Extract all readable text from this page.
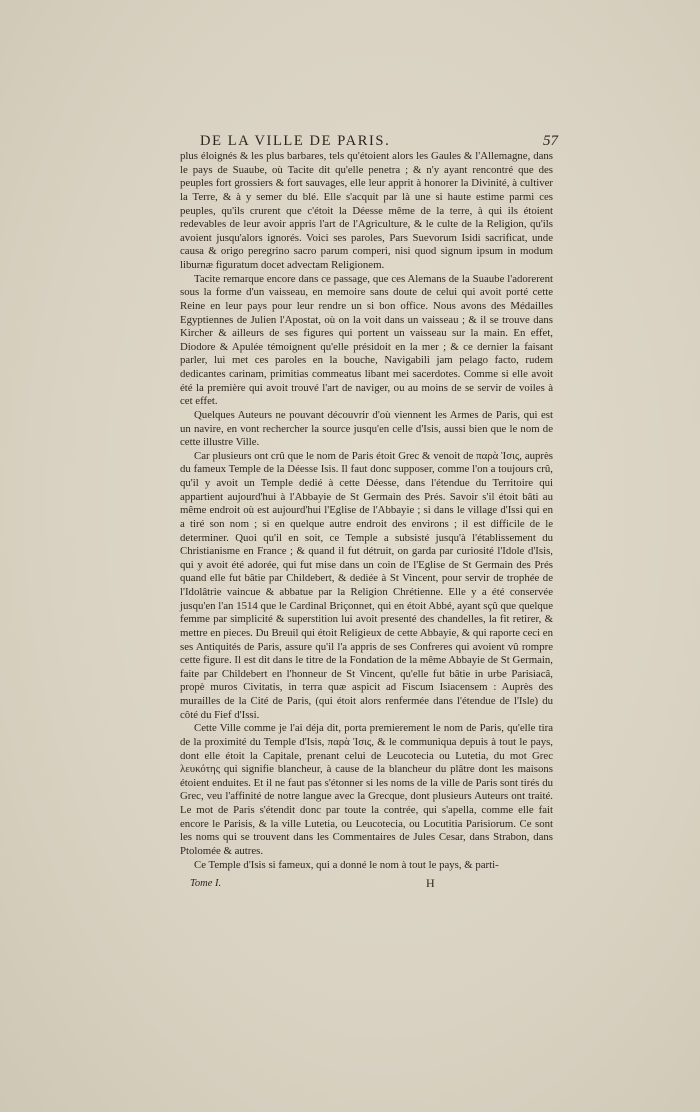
DE LA VILLE DE PARIS.	57

plus éloignés & les plus barbares, tels qu'étoient alors les Gaules & l'Allemagne, dans le pays de Suaube, où Tacite dit qu'elle penetra ; & n'y ayant rencontré que des peuples fort grossiers & fort sauvages, elle leur apprit à honorer la Divinité, à cultiver la Terre, & à y semer du blé. Elle s'acquit par là une si haute estime parmi ces peuples, qu'ils crurent que c'étoit la Déesse même de la terre, à qui ils étoient redevables de leur avoir appris l'art de l'Agriculture, & le culte de la Religion, qu'ils avoient jusqu'alors ignorés. Voici ses paroles, Pars Suevorum Isidi sacrificat, unde causa & origo peregrino sacro parum comperi, nisi quod signum ipsum in modum liburnæ figuratum docet advectam Religionem.

Tacite remarque encore dans ce passage, que ces Alemans de la Suaube l'adorerent sous la forme d'un vaisseau, en memoire sans doute de celui qui avoit porté cette Reine en leur pays pour leur rendre un si bon office. Nous avons des Médailles Egyptiennes de Julien l'Apostat, où on la voit dans un vaisseau ; & il se trouve dans Kircher & ailleurs de ses figures qui portent un vaisseau sur la main. En effet, Diodore & Apulée témoignent qu'elle présidoit en la mer ; & ce dernier la faisant parler, lui met ces paroles en la bouche, Navigabili jam pelago facto, rudem dedicantes carinam, primitias commeatus libant mei sacerdotes. Comme si elle avoit été la première qui avoit trouvé l'art de naviger, ou au moins de se servir de voiles à cet effet.

Quelques Auteurs ne pouvant découvrir d'où viennent les Armes de Paris, qui est un navire, en vont rechercher la source jusqu'en celle d'Isis, aussi bien que le nom de cette illustre Ville.

Car plusieurs ont crû que le nom de Paris étoit Grec & venoit de παρὰ Ἰσις, auprès du fameux Temple de la Déesse Isis. Il faut donc supposer, comme l'on a toujours crû, qu'il y avoit un Temple dedié à cette Déesse, dans l'étendue du Territoire qui appartient aujourd'hui à l'Abbayie de St Germain des Prés. Savoir s'il étoit bâti au même endroit où est aujourd'hui l'Eglise de l'Abbayie ; si dans le village d'Issi qui en a tiré son nom ; si en quelque autre endroit des environs ; il est difficile de le determiner. Quoi qu'il en soit, ce Temple a subsisté jusqu'à l'établissement du Christianisme en France ; & quand il fut détruit, on garda par curiosité l'Idole d'Isis, qui y avoit été adorée, qui fut mise dans un coin de l'Eglise de St Germain des Prés quand elle fut bâtie par Childebert, & dediée à St Vincent, pour servir de trophée de l'Idolâtrie vaincue & abbatue par la Religion Chrétienne. Elle y a été conservée jusqu'en l'an 1514 que le Cardinal Briçonnet, qui en étoit Abbé, ayant sçû que quelque femme par simplicité & superstition lui avoit presenté des chandelles, la fit retirer, & mettre en pieces. Du Breuil qui étoit Religieux de cette Abbayie, & qui raporte ceci en ses Antiquités de Paris, assure qu'il l'a appris de ses Confreres qui avoient vû rompre cette figure. Il est dit dans le titre de la Fondation de la même Abbayie de St Germain, faite par Childebert en l'honneur de St Vincent, qu'elle fut bâtie in urbe Parisiacâ, propè muros Civitatis, in terra quæ aspicit ad Fiscum Isiacensem : Auprès des murailles de la Cité de Paris, (qui étoit alors renfermée dans l'étendue de l'Isle) du côté du Fief d'Issi.

Cette Ville comme je l'ai déja dit, porta premierement le nom de Paris, qu'elle tira de la proximité du Temple d'Isis, παρὰ Ἰσις, & le communiqua depuis à tout le pays, dont elle étoit la Capitale, prenant celui de Leucotecia ou Lutetia, du mot Grec λευκότης qui signifie blancheur, à cause de la blancheur du plâtre dont les maisons étoient enduites. Et il ne faut pas s'étonner si les noms de la ville de Paris sont tirés du Grec, veu l'affinité de notre langue avec la Grecque, dont plusieurs Auteurs ont traité. Le mot de Paris s'étendit donc par toute la contrée, qui s'apella, comme elle fait encore le Parisis, & la ville Lutetia, ou Leucotecia, ou Locutitia Parisiorum. Ce sont les noms qui se trouvent dans les Commentaires de Jules Cesar, dans Strabon, dans Ptolomée & autres.

Ce Temple d'Isis si fameux, qui a donné le nom à tout le pays, & parti-

Tome I.	H
